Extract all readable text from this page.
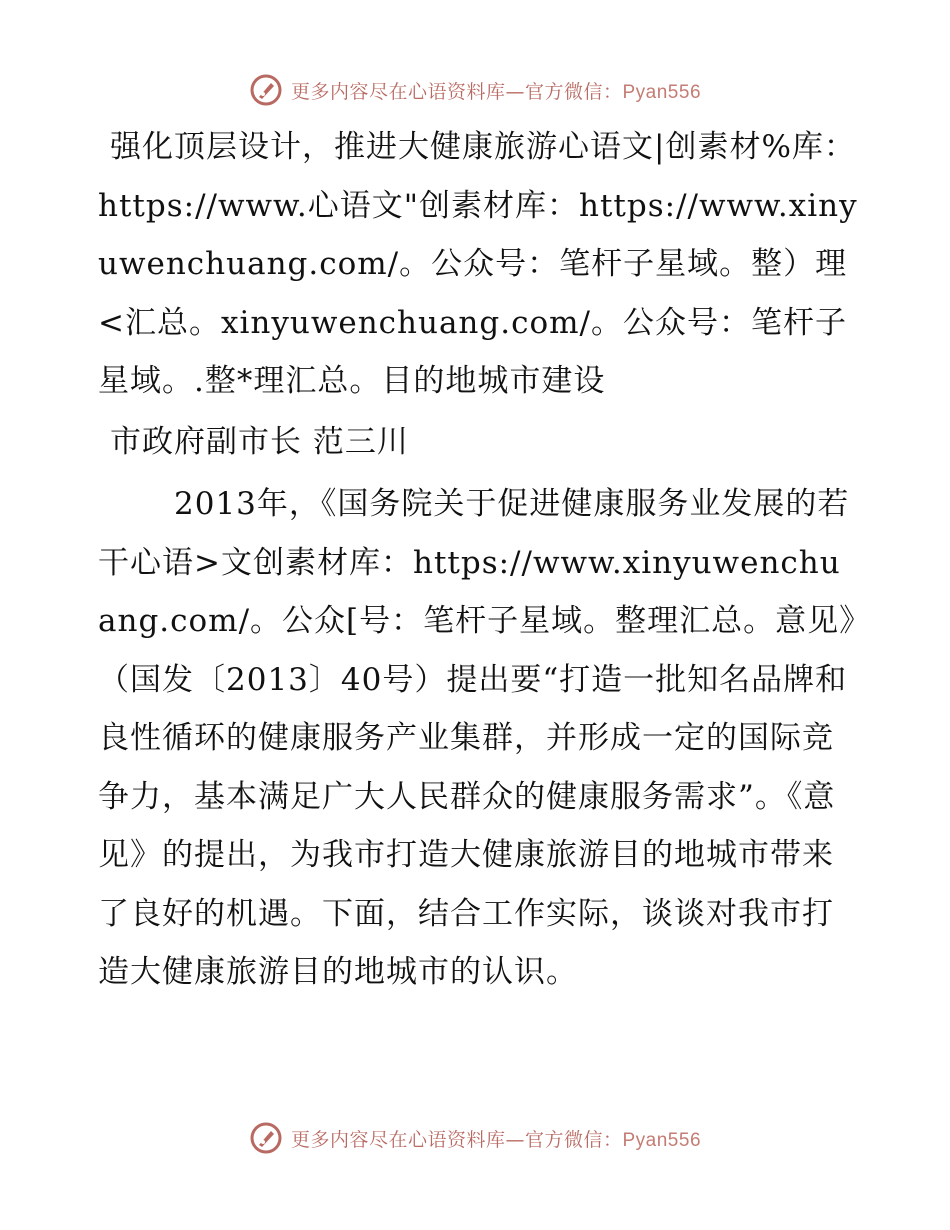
更多内容尽在心语资料库—官方微信：Pyan556

强化顶层设计，推进大健康旅游心语文|创素材%库：https://www.心语文"创素材库：https://www.xinyuwenchuang.com/。公众号：笔杆子星域。整）理<汇总。xinyuwenchuang.com/。公众号：笔杆子星域。.整*理汇总。目的地城市建设

市政府副市长 范三川

2013年，《国务院关于促进健康服务业发展的若干心语>文创素材库：https://www.xinyuwenchuang.com/。公众[号：笔杆子星域。整理汇总。意见》（国发〔2013〕40号）提出要“打造一批知名品牌和良性循环的健康服务产业集群，并形成一定的国际竞争力，基本满足广大人民群众的健康服务需求”。《意见》的提出，为我市打造大健康旅游目的地城市带来了良好的机遇。下面，结合工作实际，谈谈对我市打造大健康旅游目的地城市的认识。

更多内容尽在心语资料库—官方微信：Pyan556
